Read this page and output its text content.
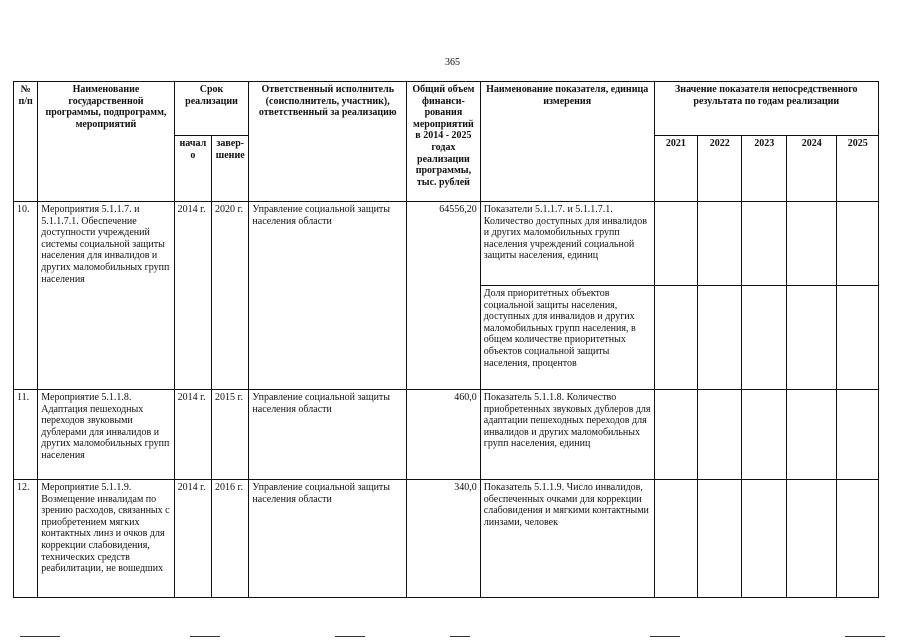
365
№ п/п	Наименование государственной программы, подпрограмм, мероприятий	Срок реализации		Ответственный исполнитель (соисполнитель, участник), ответственный за реализацию	Общий объем финанси-рования мероприятий в 2014 - 2025 годах реализации программы, тыс. рублей	Наименование показателя, единица измерения	Значение показателя непосредственного результата по годам реализации				
		начало	завер-шение				2021	2022	2023	2024	2025
10.	Мероприятия 5.1.1.7. и 5.1.1.7.1. Обеспечение доступности учреждений системы социальной защиты населения для инвалидов и других маломобильных групп населения	2014 г.	2020 г.	Управление социальной защиты населения области	64556,20	Показатели 5.1.1.7. и 5.1.1.7.1. Количество доступных для инвалидов и других маломобильных групп населения учреждений социальной защиты населения, единиц					
						Доля приоритетных объектов социальной защиты населения, доступных для инвалидов и других маломобильных групп населения, в общем количестве приоритетных объектов социальной защиты населения, процентов					
11.	Мероприятие 5.1.1.8. Адаптация пешеходных переходов звуковыми дублерами для инвалидов и других маломобильных групп населения	2014 г.	2015 г.	Управление социальной защиты населения области	460,0	Показатель 5.1.1.8. Количество приобретенных звуковых дублеров для адаптации пешеходных переходов для инвалидов и других маломобильных групп населения, единиц					
12.	Мероприятие 5.1.1.9. Возмещение инвалидам по зрению расходов, связанных с приобретением мягких контактных линз и очков для коррекции слабовидения, технических средств реабилитации, не вошедших	2014 г.	2016 г.	Управление социальной защиты населения области	340,0	Показатель 5.1.1.9. Число инвалидов, обеспеченных очками для коррекции слабовидения и мягкими контактными линзами, человек					
